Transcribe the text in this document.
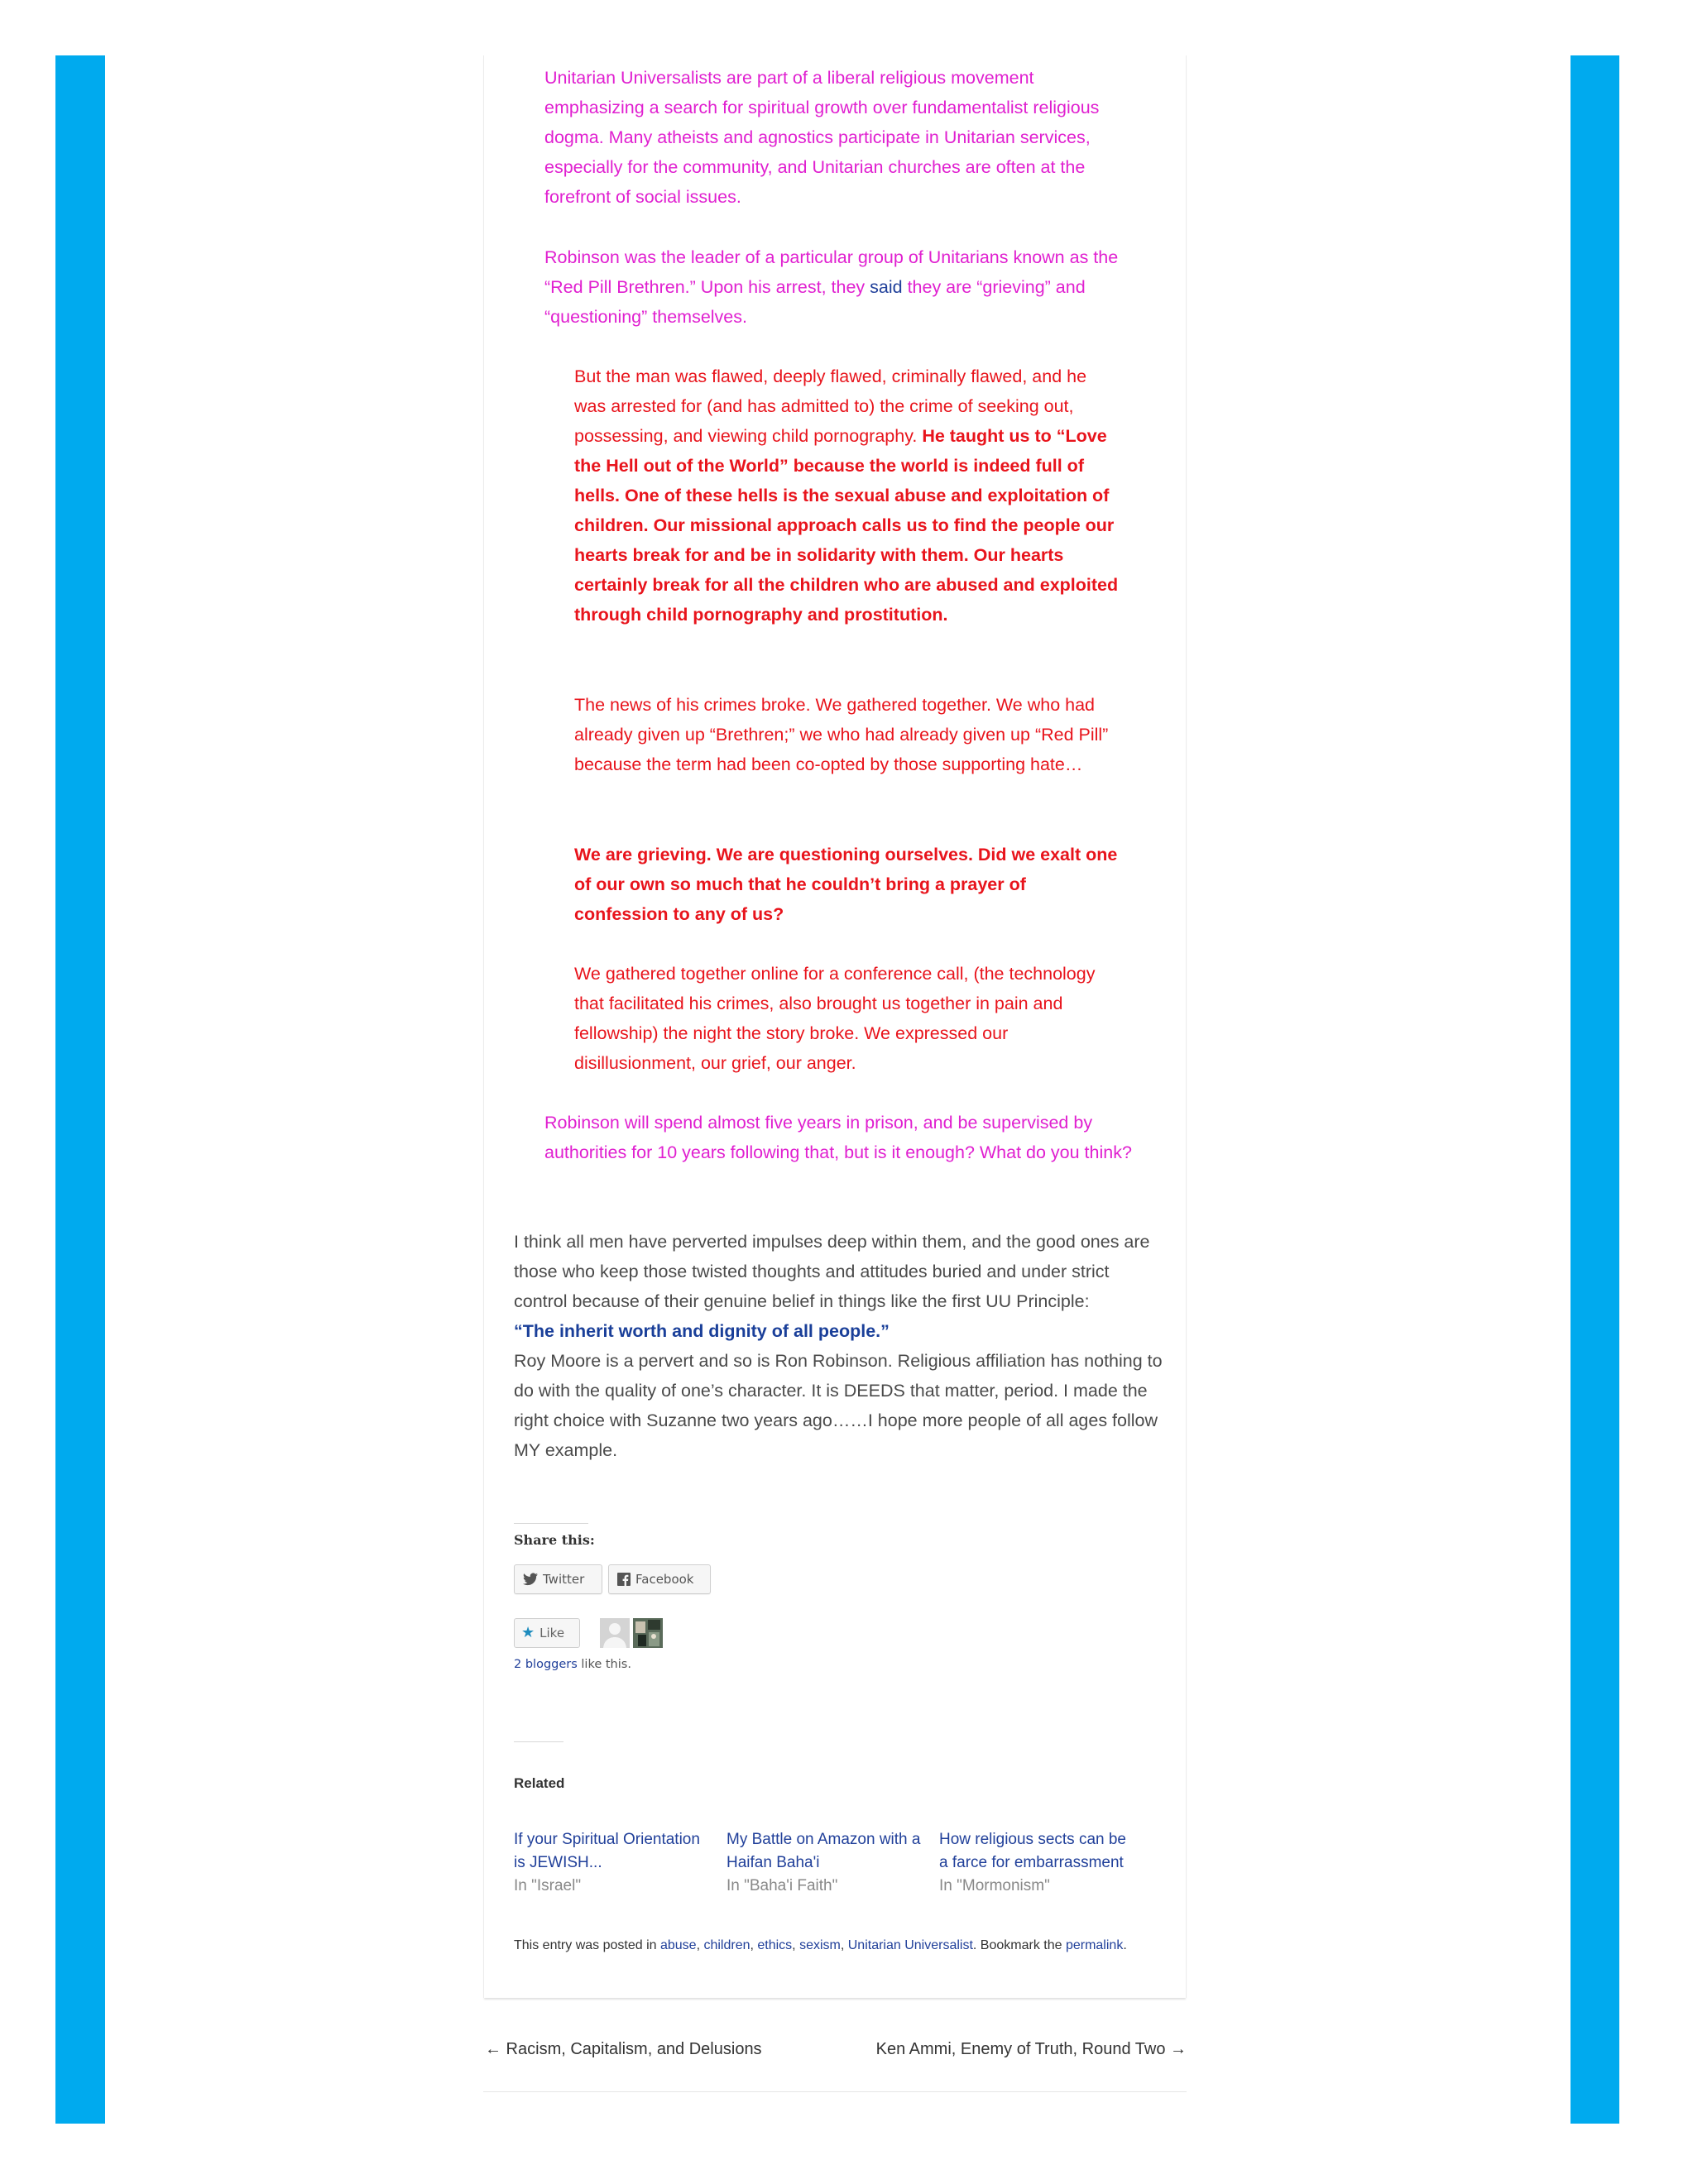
Unitarian Universalists are part of a liberal religious movement emphasizing a search for spiritual growth over fundamentalist religious dogma. Many atheists and agnostics participate in Unitarian services, especially for the community, and Unitarian churches are often at the forefront of social issues.

Robinson was the leader of a particular group of Unitarians known as the “Red Pill Brethren.” Upon his arrest, they said they are “grieving” and “questioning” themselves.

But the man was flawed, deeply flawed, criminally flawed, and he was arrested for (and has admitted to) the crime of seeking out, possessing, and viewing child pornography. He taught us to “Love the Hell out of the World” because the world is indeed full of hells. One of these hells is the sexual abuse and exploitation of children. Our missional approach calls us to find the people our hearts break for and be in solidarity with them. Our hearts certainly break for all the children who are abused and exploited through child pornography and prostitution.

The news of his crimes broke. We gathered together. We who had already given up “Brethren;” we who had already given up “Red Pill” because the term had been co-opted by those supporting hate…

We are grieving. We are questioning ourselves. Did we exalt one of our own so much that he couldn’t bring a prayer of confession to any of us?

We gathered together online for a conference call, (the technology that facilitated his crimes, also brought us together in pain and fellowship) the night the story broke. We expressed our disillusionment, our grief, our anger.

Robinson will spend almost five years in prison, and be supervised by authorities for 10 years following that, but is it enough? What do you think?

I think all men have perverted impulses deep within them, and the good ones are those who keep those twisted thoughts and attitudes buried and under strict control because of their genuine belief in things like the first UU Principle:
“The inherit worth and dignity of all people.”
Roy Moore is a pervert and so is Ron Robinson. Religious affiliation has nothing to do with the quality of one’s character. It is DEEDS that matter, period. I made the right choice with Suzanne two years ago……I hope more people of all ages follow MY example.

Share this:

Twitter	Facebook
★ Like

2 bloggers like this.

Related

If your Spiritual Orientation is JEWISH...
In "Israel"
My Battle on Amazon with a Haifan Baha'i
In "Baha'i Faith"
How religious sects can be a farce for embarrassment
In "Mormonism"

This entry was posted in abuse, children, ethics, sexism, Unitarian Universalist. Bookmark the permalink.

← Racism, Capitalism, and Delusions	Ken Ammi, Enemy of Truth, Round Two →
